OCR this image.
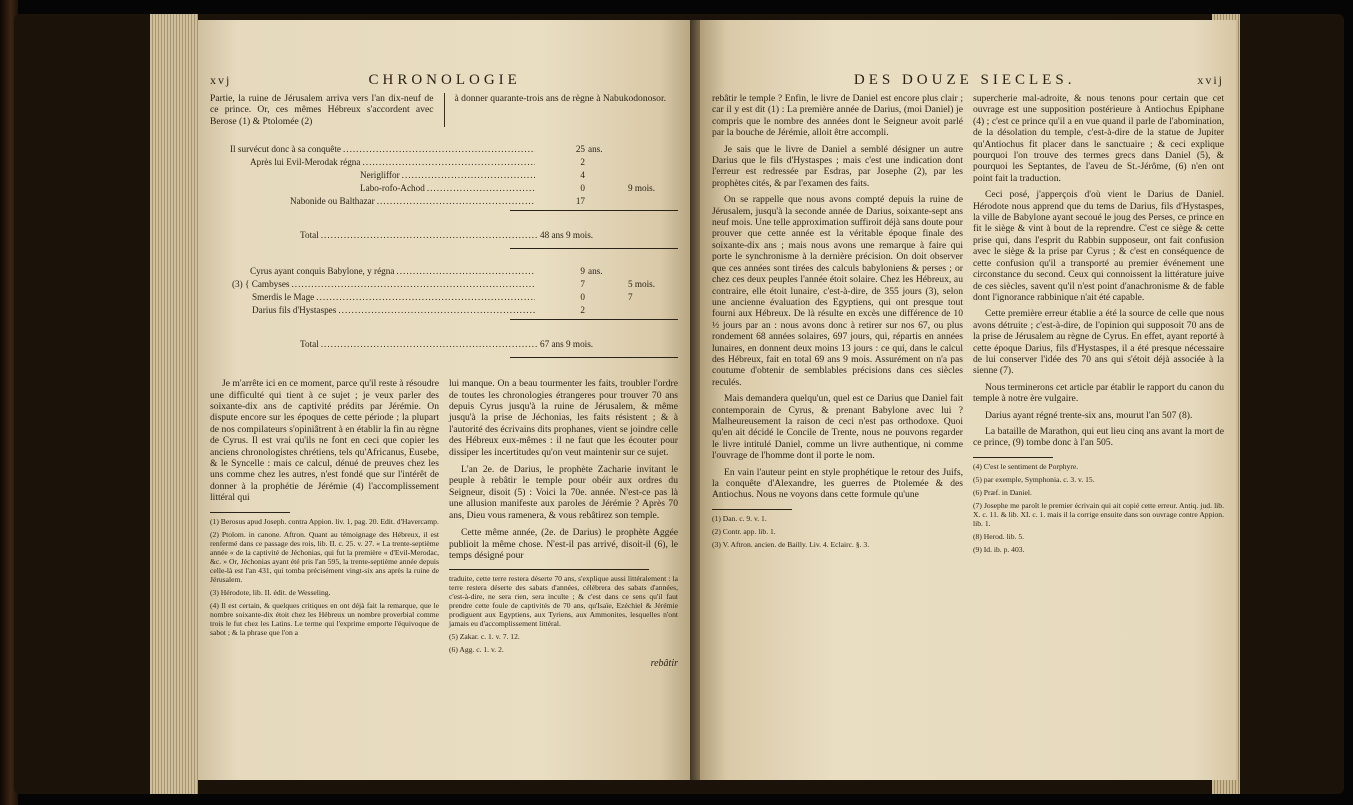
xvj	CHRONOLOGIE

Partie, la ruine de Jérusalem arriva vers l'an dix-neuf de ce prince. Or, ces mêmes Hébreux s'accordent avec Berose (1) & Ptolomée (2)

à donner quarante-trois ans de règne à Nabukodonosor.

Il survécut donc à sa conquête .....	25 ans.
Après lui Evil-Merodak régna .....	2
Nerigliffor .....	4
Labo-rofo-Achod .....	0	9 mois.
Nabonide ou Balthazar .....	17
Total .....	48 ans 9 mois.
Cyrus ayant conquis Babylone, y régna .....	9 ans.
(3) { Cambyses .....	7	5 mois.
Smerdis le Mage .....	0	7
Darius fils d'Hystaspes .....	2
Total .....	67 ans 9 mois.

Je m'arrête ici en ce moment, parce qu'il reste à résoudre une difficulté qui tient à ce sujet ; je veux parler des soixante-dix ans de captivité prédits par Jérémie. On dispute encore sur les époques de cette période ; la plupart de nos compilateurs s'opiniâtrent à en établir la fin au règne de Cyrus. Il est vrai qu'ils ne font en ceci que copier les anciens chronologistes chrétiens, tels qu'Africanus, Eusebe, & le Syncelle : mais ce calcul, dénué de preuves chez les uns comme chez les autres, n'est fondé que sur l'intérêt de donner à la prophétie de Jérémie (4) l'accomplissement littéral qui

(1) Berosus apud Joseph. contra Appion. liv. 1, pag. 20. Edit. d'Havercamp.

(2) Ptolom. in canone. Aftron. Quant au témoignage des Hébreux, il est renfermé dans ce passage des rois, lib. II. c. 25. v. 27. « La trente-septième année « de la captivité de Jéchonias, qui fut la première « d'Evil-Merodac, &c. » Or, Jéchonias ayant été pris l'an 595, la trente-septième année depuis celle-là est l'an 431, qui tomba précisément vingt-six ans après la ruine de Jérusalem.

(3) Hérodote, lib. II. édit. de Wesseling.

(4) Il est certain, & quelques critiques en ont déjà fait la remarque, que le nombre soixante-dix étoit chez les Hébreux un nombre proverbial comme trois le fut chez les Latins. Le terme qui l'exprime emporte l'équivoque de sabot ; & la phrase que l'on a

lui manque. On a beau tourmenter les faits, troubler l'ordre de toutes les chronologies étrangeres pour trouver 70 ans depuis Cyrus jusqu'à la ruine de Jérusalem, & même jusqu'à la prise de Jéchonias, les faits résistent ; & à l'autorité des écrivains dits prophanes, vient se joindre celle des Hébreux eux-mêmes : il ne faut que les écouter pour dissiper les incertitudes qu'on veut maintenir sur ce sujet.

L'an 2e. de Darius, le prophète Zacharie invitant le peuple à rebâtir le temple pour obéir aux ordres du Seigneur, disoit (5) : Voici la 70e. année. N'est-ce pas là une allusion manifeste aux paroles de Jérémie ? Après 70 ans, Dieu vous ramenera, & vous rebâtirez son temple.

Cette même année, (2e. de Darius) le prophète Aggée publioit la même chose. N'est-il pas arrivé, disoit-il (6), le temps désigné pour

traduite, cette terre restera déserte 70 ans, s'explique aussi littéralement : la terre restera déserte des sabats d'années, célébrera des sabats d'années, c'est-à-dire, ne sera rien, sera inculte ; & c'est dans ce sens qu'il faut prendre cette foule de captivités de 70 ans, qu'Isaïe, Ezéchiel & Jérémie prodiguent aux Egyptiens, aux Tyriens, aux Ammonites, lesquelles n'ont jamais eu d'accomplissement littéral.

(5) Zakar. c. 1. v. 7. 12.

(6) Agg. c. 1. v. 2.

rebâtir
DES DOUZE SIECLES.	xvij

rebâtir le temple ? Enfin, le livre de Daniel est encore plus clair ; car il y est dit (1) : La première année de Darius, (moi Daniel) je compris que le nombre des années dont le Seigneur avoit parlé par la bouche de Jérémie, alloit être accompli.

Je sais que le livre de Daniel a semblé désigner un autre Darius que le fils d'Hystaspes ; mais c'est une indication dont l'erreur est redressée par Esdras, par Josephe (2), par les prophètes cités, & par l'examen des faits.

On se rappelle que nous avons compté depuis la ruine de Jérusalem, jusqu'à la seconde année de Darius, soixante-sept ans neuf mois. Une telle approximation suffiroit déjà sans doute pour prouver que cette année est la véritable époque finale des soixante-dix ans ; mais nous avons une remarque à faire qui porte le synchronisme à la dernière précision. On doit observer que ces années sont tirées des calculs babyloniens & perses ; or chez ces deux peuples l'année étoit solaire. Chez les Hébreux, au contraire, elle étoit lunaire, c'est-à-dire, de 355 jours (3), selon une ancienne évaluation des Egyptiens, qui ont presque tout fourni aux Hébreux. De là résulte en excès une différence de 10 ½ jours par an : nous avons donc à retirer sur nos 67, ou plus rondement 68 années solaires, 697 jours, qui, répartis en années lunaires, en donnent deux moins 13 jours : ce qui, dans le calcul des Hébreux, fait en total 69 ans 9 mois. Assurément on n'a pas coutume d'obtenir de semblables précisions dans ces siècles reculés.

Mais demandera quelqu'un, quel est ce Darius que Daniel fait contemporain de Cyrus, & prenant Babylone avec lui ? Malheureusement la raison de ceci n'est pas orthodoxe. Quoi qu'en ait décidé le Concile de Trente, nous ne pouvons regarder le livre intitulé Daniel, comme un livre authentique, ni comme l'ouvrage de l'homme dont il porte le nom.

En vain l'auteur peint en style prophétique le retour des Juifs, la conquête d'Alexandre, les guerres de Ptolemée & des Antiochus. Nous ne voyons dans cette formule qu'une

(1) Dan. c. 9. v. 1.

(2) Contr. app. lib. 1.

(3) V. Aftron. ancien. de Bailly. Liv. 4. Eclairc. §. 3.

supercherie mal-adroite, & nous tenons pour certain que cet ouvrage est une supposition postérieure à Antiochus Epiphane (4) ; c'est ce prince qu'il a en vue quand il parle de l'abomination, de la désolation du temple, c'est-à-dire de la statue de Jupiter qu'Antiochus fit placer dans le sanctuaire ; & ceci explique pourquoi l'on trouve des termes grecs dans Daniel (5), & pourquoi les Septantes, de l'aveu de St.-Jérôme, (6) n'en ont point fait la traduction.

Ceci posé, j'apperçois d'où vient le Darius de Daniel. Hérodote nous apprend que du tems de Darius, fils d'Hystaspes, la ville de Babylone ayant secoué le joug des Perses, ce prince en fit le siège & vint à bout de la reprendre. C'est ce siège & cette prise qui, dans l'esprit du Rabbin supposeur, ont fait confusion avec le siège & la prise par Cyrus ; & c'est en conséquence de cette confusion qu'il a transporté au premier événement une circonstance du second. Ceux qui connoissent la littérature juive de ces siècles, savent qu'il n'est point d'anachronisme & de fable dont l'ignorance rabbinique n'ait été capable.

Cette première erreur établie a été la source de celle que nous avons détruite ; c'est-à-dire, de l'opinion qui supposoit 70 ans de la prise de Jérusalem au règne de Cyrus. En effet, ayant reporté à cette époque Darius, fils d'Hystaspes, il a été presque nécessaire de lui conserver l'idée des 70 ans qui s'étoit déjà associée à la sienne (7).

Nous terminerons cet article par établir le rapport du canon du temple à notre ère vulgaire.

Darius ayant régné trente-six ans, mourut l'an 507 (8).

La bataille de Marathon, qui eut lieu cinq ans avant la mort de ce prince, (9) tombe donc à l'an 505.

(4) C'est le sentiment de Porphyre.

(5) par exemple, Symphonia. c. 3. v. 15.

(6) Præf. in Daniel.

(7) Josephe me paroît le premier écrivain qui ait copié cette erreur. Antiq. jud. lib. X. c. 11. & lib. XI. c. 1. mais il la corrige ensuite dans son ouvrage contre Appion. lib. 1.

(8) Herod. lib. 5.

(9) Id. ib. p. 403.
